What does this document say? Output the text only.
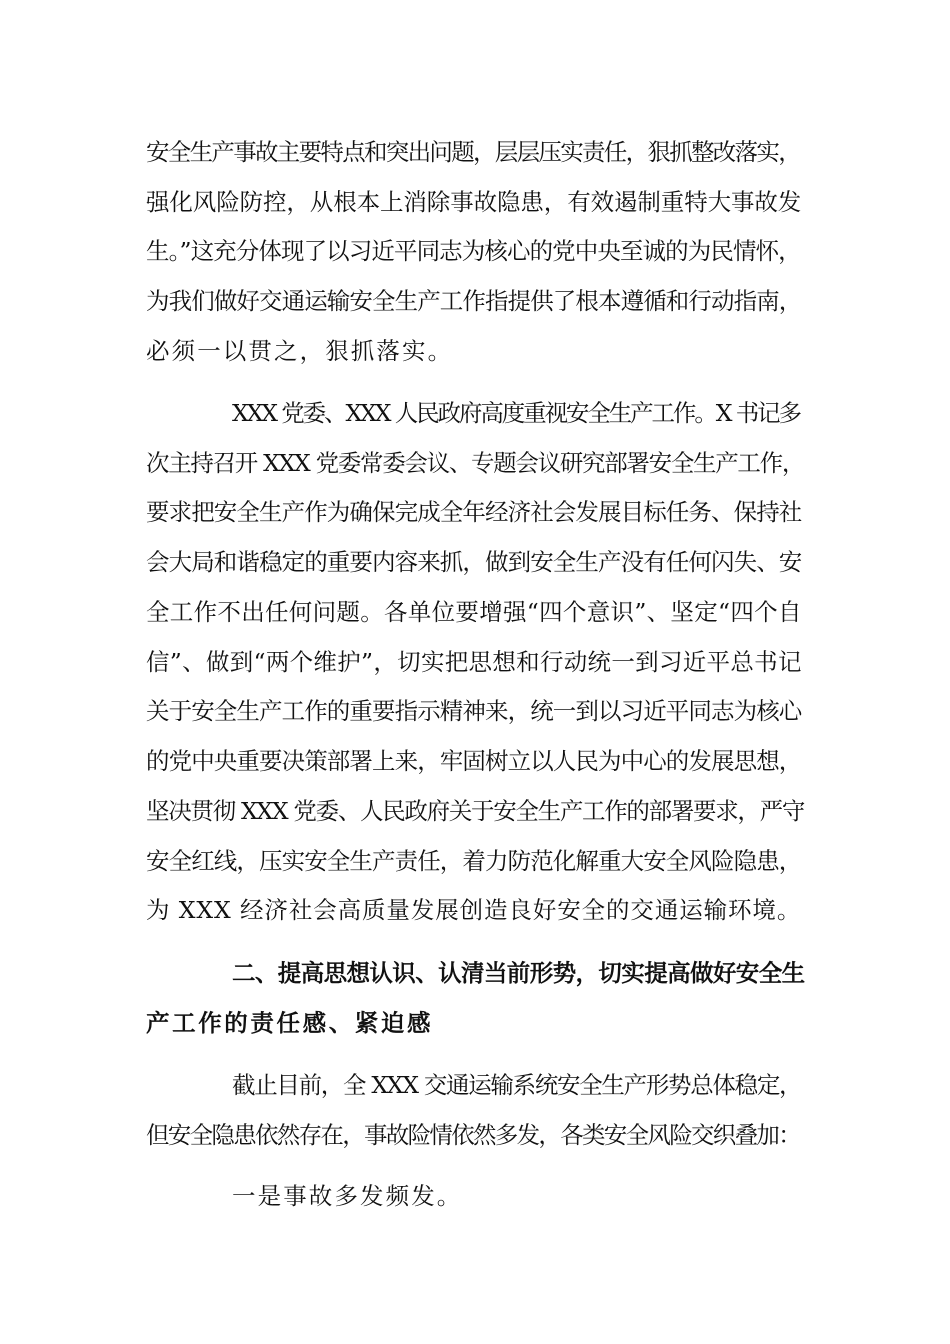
安全生产事故主要特点和突出问题，层层压实责任，狠抓整改落实，
强化风险防控，从根本上消除事故隐患，有效遏制重特大事故发
生。”这充分体现了以习近平同志为核心的党中央至诚的为民情怀，
为我们做好交通运输安全生产工作指提供了根本遵循和行动指南，
必须一以贯之，狠抓落实。
XXX 党委、XXX 人民政府高度重视安全生产工作。X 书记多
次主持召开 XXX 党委常委会议、专题会议研究部署安全生产工作，
要求把安全生产作为确保完成全年经济社会发展目标任务、保持社
会大局和谐稳定的重要内容来抓，做到安全生产没有任何闪失、安
全工作不出任何问题。各单位要增强“四个意识”、坚定“四个自
信”、做到“两个维护”，切实把思想和行动统一到习近平总书记
关于安全生产工作的重要指示精神来，统一到以习近平同志为核心
的党中央重要决策部署上来，牢固树立以人民为中心的发展思想，
坚决贯彻 XXX 党委、人民政府关于安全生产工作的部署要求，严守
安全红线，压实安全生产责任，着力防范化解重大安全风险隐患，
为 XXX 经济社会高质量发展创造良好安全的交通运输环境。
二、提高思想认识、认清当前形势，切实提高做好安全生
产工作的责任感、紧迫感
截止目前，全 XXX 交通运输系统安全生产形势总体稳定，
但安全隐患依然存在，事故险情依然多发，各类安全风险交织叠加：
一是事故多发频发。
